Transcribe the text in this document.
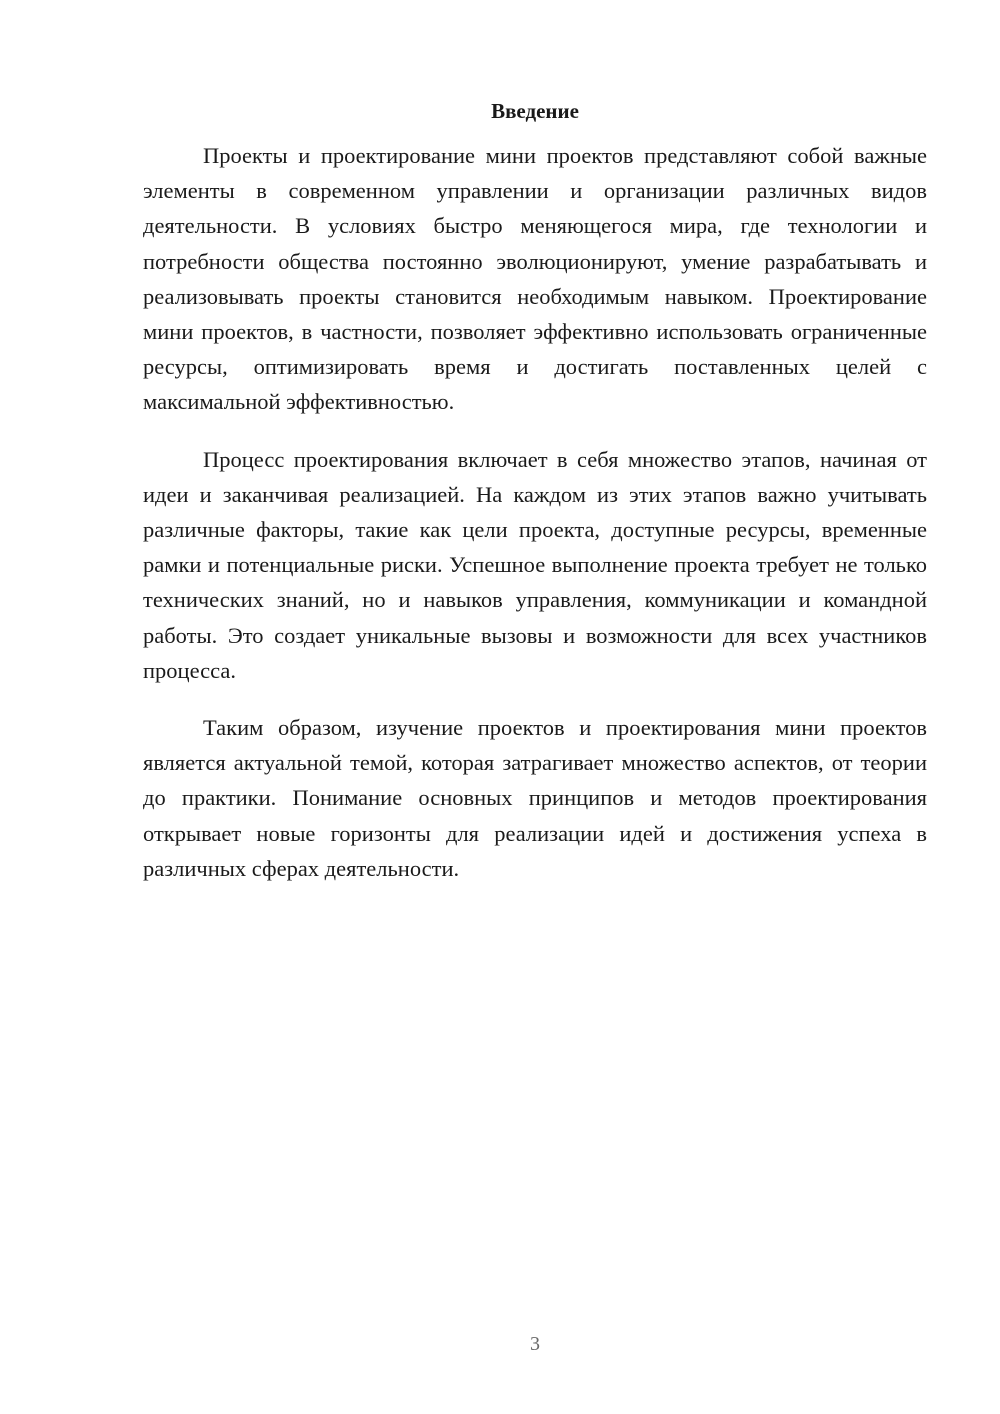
Введение

Проекты и проектирование мини проектов представляют собой важные элементы в современном управлении и организации различных видов деятельности. В условиях быстро меняющегося мира, где технологии и потребности общества постоянно эволюционируют, умение разрабатывать и реализовывать проекты становится необходимым навыком. Проектирование мини проектов, в частности, позволяет эффективно использовать ограниченные ресурсы, оптимизировать время и достигать поставленных целей с максимальной эффективностью.

Процесс проектирования включает в себя множество этапов, начиная от идеи и заканчивая реализацией. На каждом из этих этапов важно учитывать различные факторы, такие как цели проекта, доступные ресурсы, временные рамки и потенциальные риски. Успешное выполнение проекта требует не только технических знаний, но и навыков управления, коммуникации и командной работы. Это создает уникальные вызовы и возможности для всех участников процесса.

Таким образом, изучение проектов и проектирования мини проектов является актуальной темой, которая затрагивает множество аспектов, от теории до практики. Понимание основных принципов и методов проектирования открывает новые горизонты для реализации идей и достижения успеха в различных сферах деятельности.

3
